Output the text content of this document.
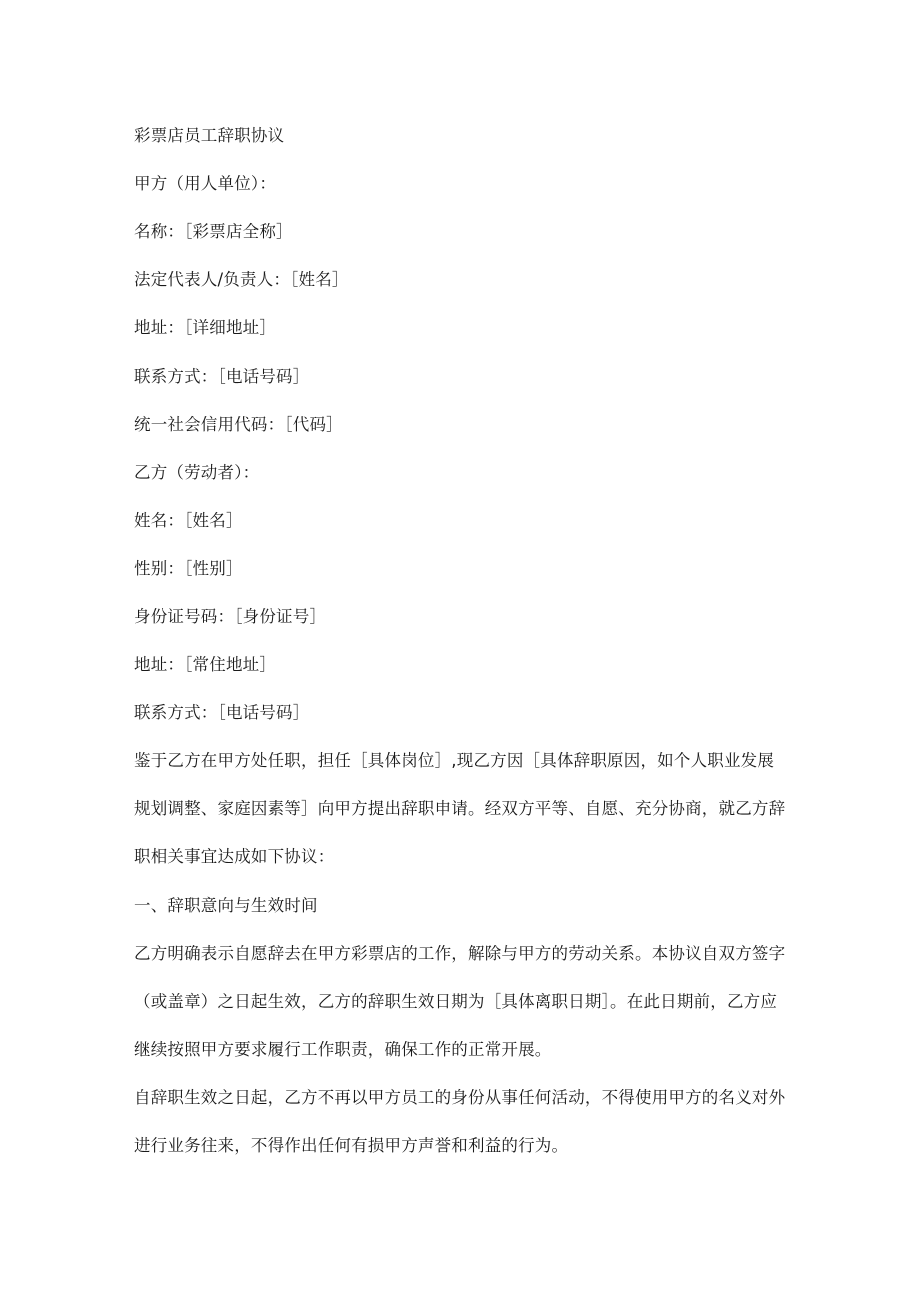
彩票店员工辞职协议
甲方（用人单位）：
名称：［彩票店全称］
法定代表人/负责人：［姓名］
地址：［详细地址］
联系方式：［电话号码］
统一社会信用代码：［代码］
乙方（劳动者）：
姓名：［姓名］
性别：［性别］
身份证号码：［身份证号］
地址：［常住地址］
联系方式：［电话号码］
鉴于乙方在甲方处任职，担任［具体岗位］,现乙方因［具体辞职原因，如个人职业发展
规划调整、家庭因素等］向甲方提出辞职申请。经双方平等、自愿、充分协商，就乙方辞
职相关事宜达成如下协议：
一、辞职意向与生效时间
乙方明确表示自愿辞去在甲方彩票店的工作，解除与甲方的劳动关系。本协议自双方签字
（或盖章）之日起生效，乙方的辞职生效日期为［具体离职日期］。在此日期前，乙方应
继续按照甲方要求履行工作职责，确保工作的正常开展。
自辞职生效之日起，乙方不再以甲方员工的身份从事任何活动，不得使用甲方的名义对外
进行业务往来，不得作出任何有损甲方声誉和利益的行为。
